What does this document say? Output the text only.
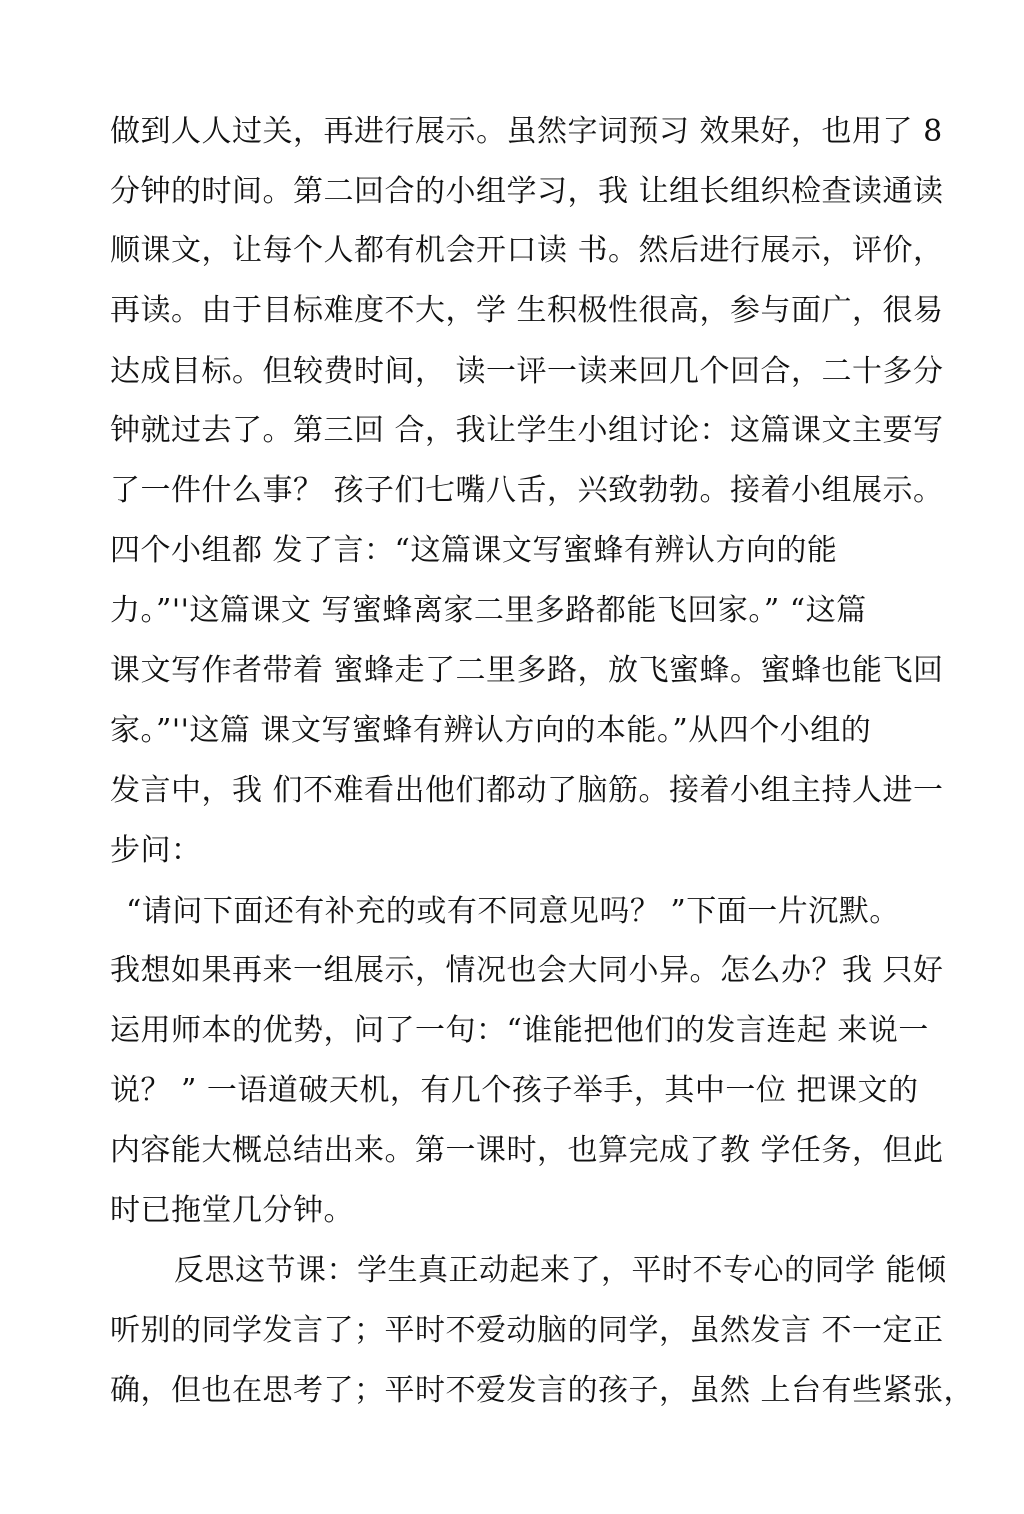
做到人人过关，再进行展示。虽然字词预习 效果好，也用了 8
分钟的时间。第二回合的小组学习，我 让组长组织检查读通读
顺课文，让每个人都有机会开口读 书。然后进行展示，评价，
再读。由于目标难度不大，学 生积极性很高，参与面广，很易
达成目标。但较费时间， 读一评一读来回几个回合，二十多分
钟就过去了。第三回 合，我让学生小组讨论：这篇课文主要写
了一件什么事？ 孩子们七嘴八舌，兴致勃勃。接着小组展示。
四个小组都 发了言：“这篇课文写蜜蜂有辨认方向的能
力。”''这篇课文 写蜜蜂离家二里多路都能飞回家。” “这篇
课文写作者带着 蜜蜂走了二里多路，放飞蜜蜂。蜜蜂也能飞回
家。”''这篇 课文写蜜蜂有辨认方向的本能。”从四个小组的
发言中，我 们不难看出他们都动了脑筋。接着小组主持人进一
步问：
“请问下面还有补充的或有不同意见吗？ ”下面一片沉默。
我想如果再来一组展示，情况也会大同小异。怎么办？我 只好
运用师本的优势，问了一句：“谁能把他们的发言连起 来说一
说？ ” 一语道破天机，有几个孩子举手，其中一位 把课文的
内容能大概总结出来。第一课时，也算完成了教 学任务，但此
时已拖堂几分钟。
反思这节课：学生真正动起来了，平时不专心的同学 能倾
听别的同学发言了；平时不爱动脑的同学，虽然发言 不一定正
确，但也在思考了；平时不爱发言的孩子，虽然 上台有些紧张，
